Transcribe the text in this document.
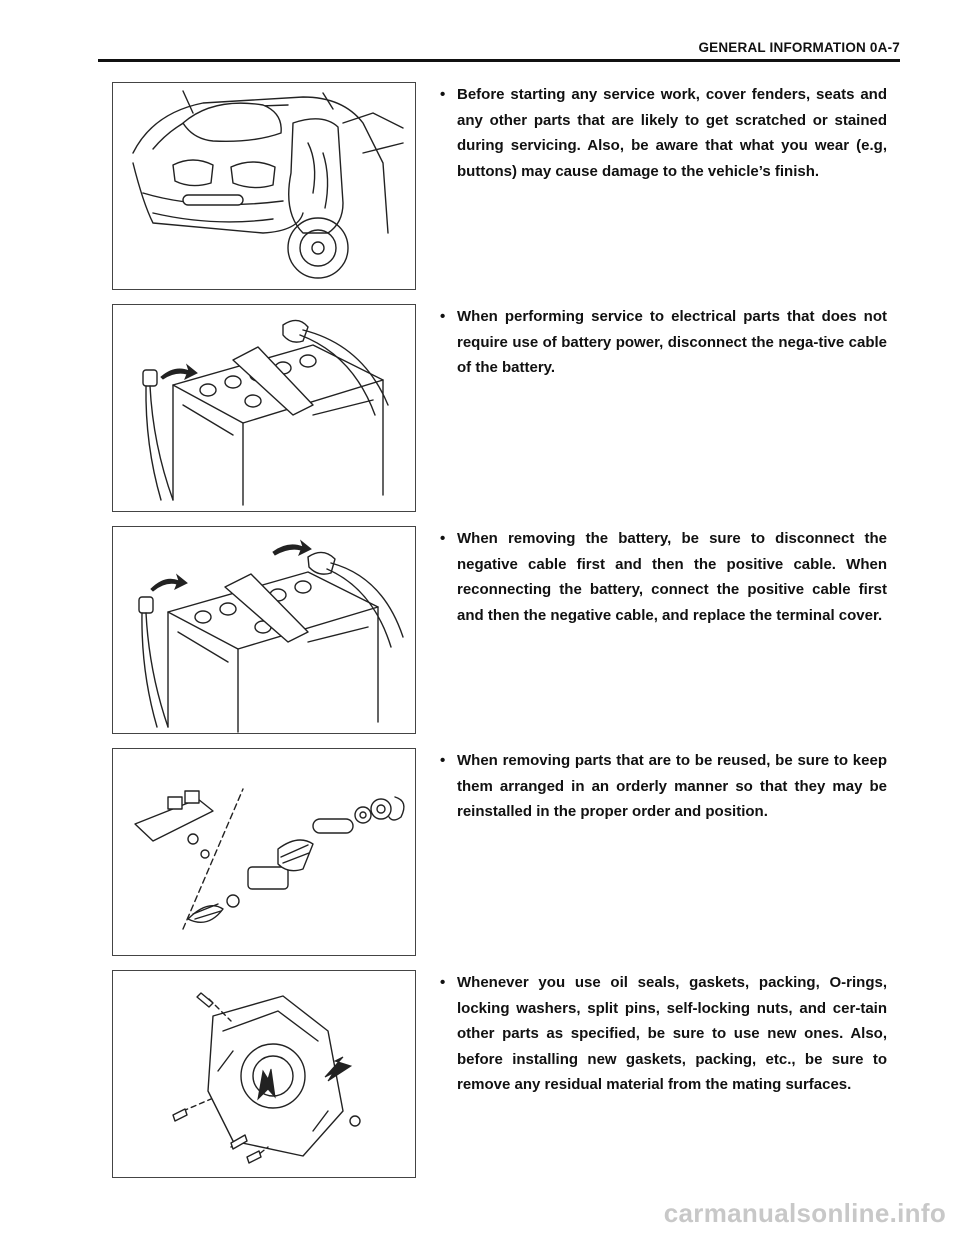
GENERAL INFORMATION 0A-7
• Before starting any service work, cover fenders, seats and any other parts that are likely to get scratched or stained during servicing. Also, be aware that what you wear (e.g, buttons) may cause damage to the vehicle’s finish.
• When performing service to electrical parts that does not require use of battery power, disconnect the nega-tive cable of the battery.
• When removing the battery, be sure to disconnect the negative cable first and then the positive cable. When reconnecting the battery, connect the positive cable first and then the negative cable, and replace the terminal cover.
• When removing parts that are to be reused, be sure to keep them arranged in an orderly manner so that they may be reinstalled in the proper order and position.
• Whenever you use oil seals, gaskets, packing, O-rings, locking washers, split pins, self-locking nuts, and cer-tain other parts as specified, be sure to use new ones. Also, before installing new gaskets, packing, etc., be sure to remove any residual material from the mating surfaces.
carmanualsonline.info
